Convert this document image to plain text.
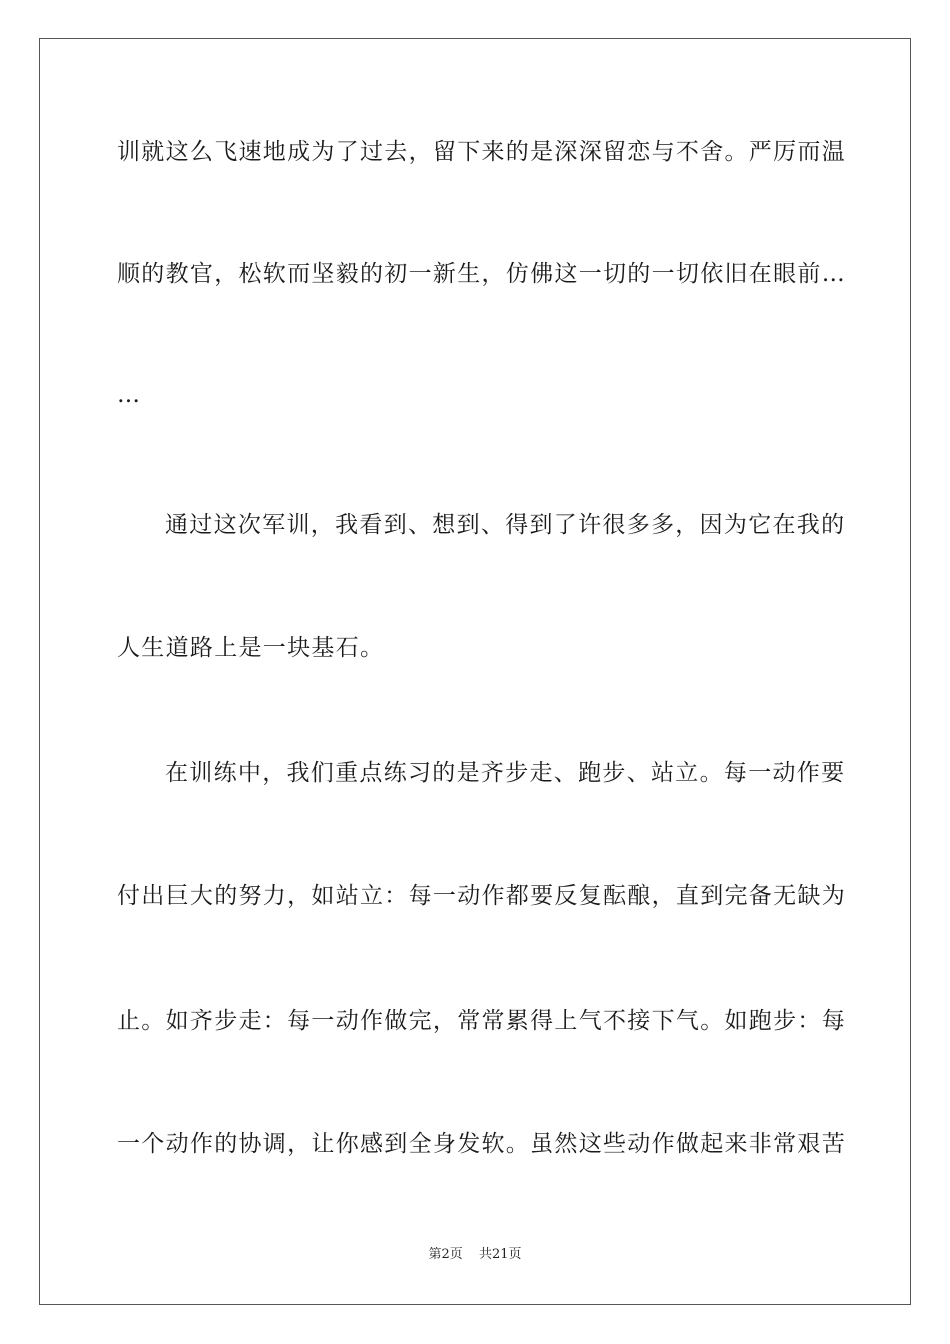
训就这么飞速地成为了过去，留下来的是深深留恋与不舍。严厉而温
顺的教官，松软而坚毅的初一新生，仿佛这一切的一切依旧在眼前…
…
通过这次军训，我看到、想到、得到了许很多多，因为它在我的
人生道路上是一块基石。
在训练中，我们重点练习的是齐步走、跑步、站立。每一动作要
付出巨大的努力，如站立：每一动作都要反复酝酿，直到完备无缺为
止。如齐步走：每一动作做完，常常累得上气不接下气。如跑步：每
一个动作的协调，让你感到全身发软。虽然这些动作做起来非常艰苦
第2页 共21页
